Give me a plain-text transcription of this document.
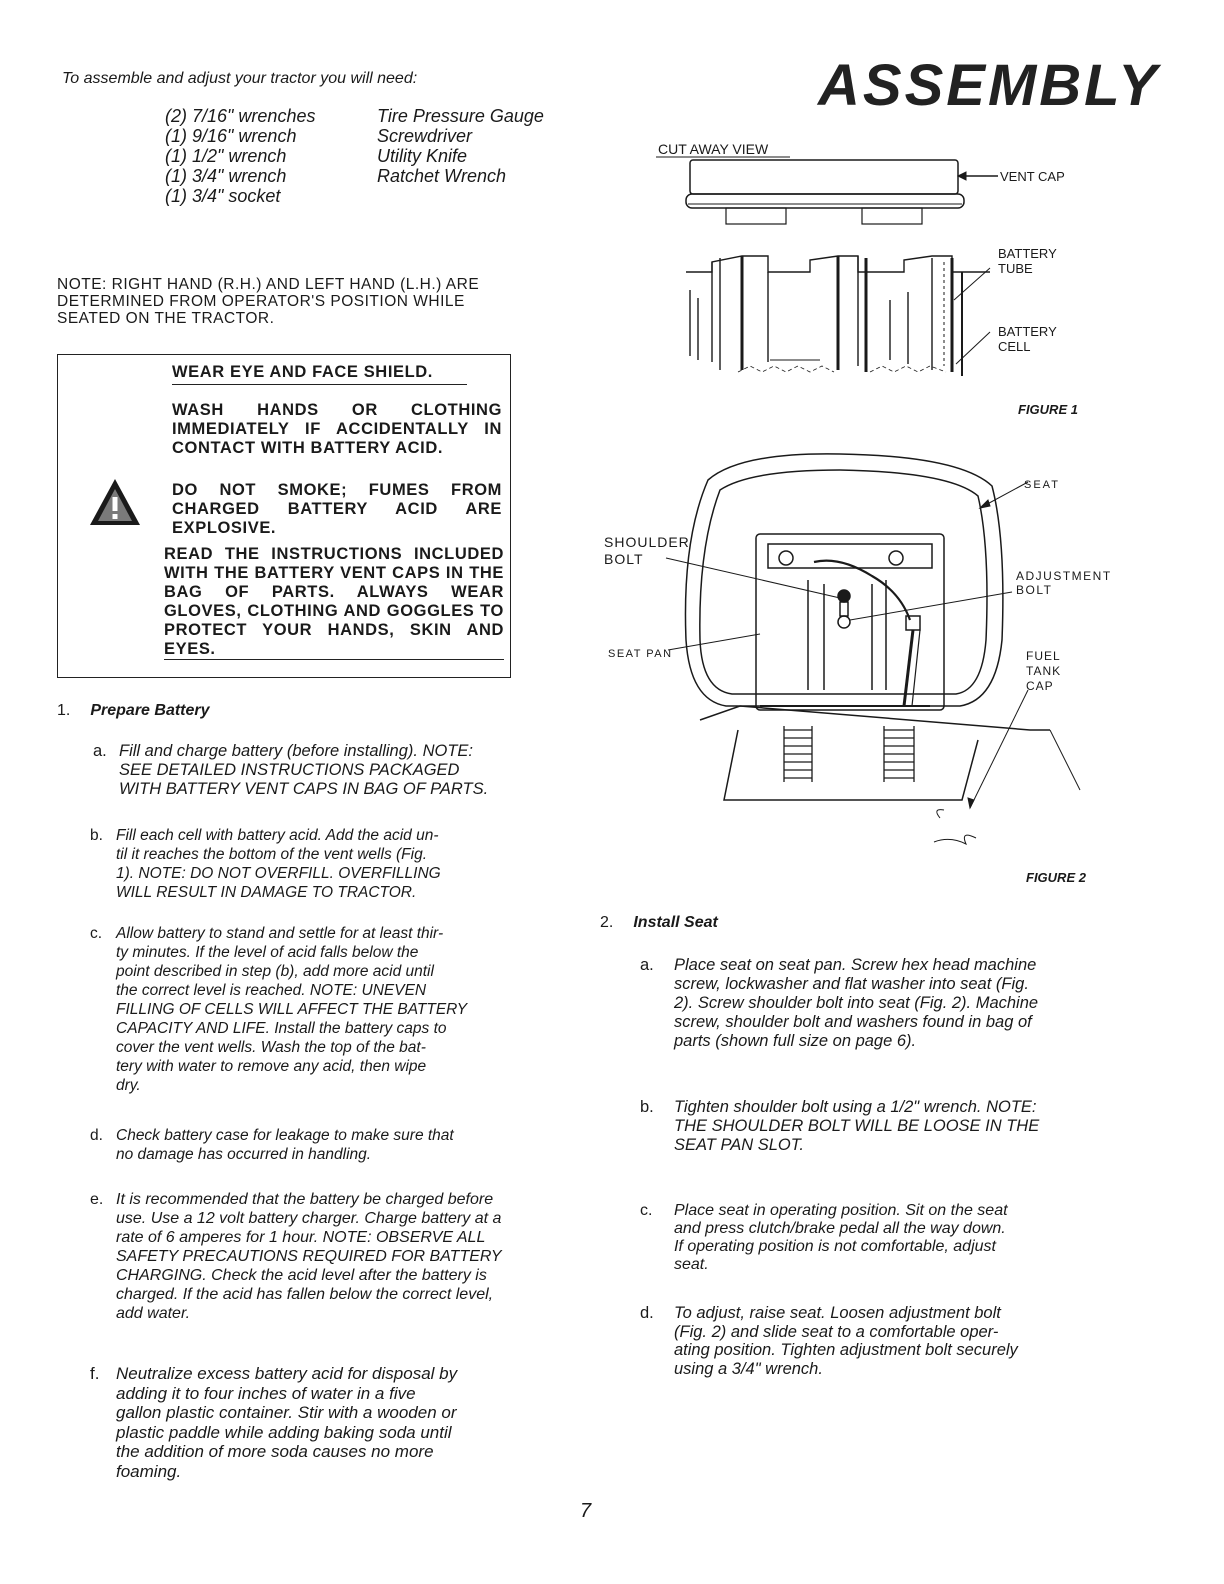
ASSEMBLY
To assemble and adjust your tractor you will need:
(2) 7/16" wrenches
(1) 9/16" wrench
(1) 1/2" wrench
(1) 3/4" wrench
(1) 3/4" socket
Tire Pressure Gauge
Screwdriver
Utility Knife
Ratchet Wrench
NOTE: RIGHT HAND (R.H.) AND LEFT HAND (L.H.) ARE
DETERMINED FROM OPERATOR'S POSITION WHILE
SEATED ON THE TRACTOR.
WEAR EYE AND FACE SHIELD.
WASH HANDS OR CLOTHING IMMEDIATELY IF ACCIDENTALLY IN CONTACT WITH BATTERY ACID.
DO NOT SMOKE; FUMES FROM CHARGED BATTERY ACID ARE EXPLOSIVE.
READ THE INSTRUCTIONS INCLUDED WITH THE BATTERY VENT CAPS IN THE BAG OF PARTS. ALWAYS WEAR GLOVES, CLOTHING AND GOGGLES TO PROTECT YOUR HANDS, SKIN AND EYES.
1. Prepare Battery
a. Fill and charge battery (before installing). NOTE:
SEE DETAILED INSTRUCTIONS PACKAGED
WITH BATTERY VENT CAPS IN BAG OF PARTS.
b. Fill each cell with battery acid. Add the acid un-
til it reaches the bottom of the vent wells (Fig.
1). NOTE: DO NOT OVERFILL. OVERFILLING
WILL RESULT IN DAMAGE TO TRACTOR.
c. Allow battery to stand and settle for at least thir-
ty minutes. If the level of acid falls below the
point described in step (b), add more acid until
the correct level is reached. NOTE: UNEVEN
FILLING OF CELLS WILL AFFECT THE BATTERY
CAPACITY AND LIFE. Install the battery caps to
cover the vent wells. Wash the top of the bat-
tery with water to remove any acid, then wipe
dry.
d. Check battery case for leakage to make sure that
no damage has occurred in handling.
e. It is recommended that the battery be charged before
use. Use a 12 volt battery charger. Charge battery at a
rate of 6 amperes for 1 hour. NOTE: OBSERVE ALL
SAFETY PRECAUTIONS REQUIRED FOR BATTERY
CHARGING. Check the acid level after the battery is
charged. If the acid has fallen below the correct level,
add water.
f. Neutralize excess battery acid for disposal by
adding it to four inches of water in a five
gallon plastic container. Stir with a wooden or
plastic paddle while adding baking soda until
the addition of more soda causes no more
foaming.
2. Install Seat
a. Place seat on seat pan. Screw hex head machine
screw, lockwasher and flat washer into seat (Fig.
2). Screw shoulder bolt into seat (Fig. 2). Machine
screw, shoulder bolt and washers found in bag of
parts (shown full size on page 6).
b. Tighten shoulder bolt using a 1/2" wrench. NOTE:
THE SHOULDER BOLT WILL BE LOOSE IN THE
SEAT PAN SLOT.
c. Place seat in operating position. Sit on the seat
and press clutch/brake pedal all the way down.
If operating position is not comfortable, adjust
seat.
d. To adjust, raise seat. Loosen adjustment bolt
(Fig. 2) and slide seat to a comfortable oper-
ating position. Tighten adjustment bolt securely
using a 3/4" wrench.
CUT AWAY VIEW
VENT CAP
BATTERY
TUBE
BATTERY
CELL
FIGURE 1
SEAT
SHOULDER
BOLT
ADJUSTMENT
BOLT
SEAT PAN	FUEL
TANK
CAP
FIGURE 2
7
